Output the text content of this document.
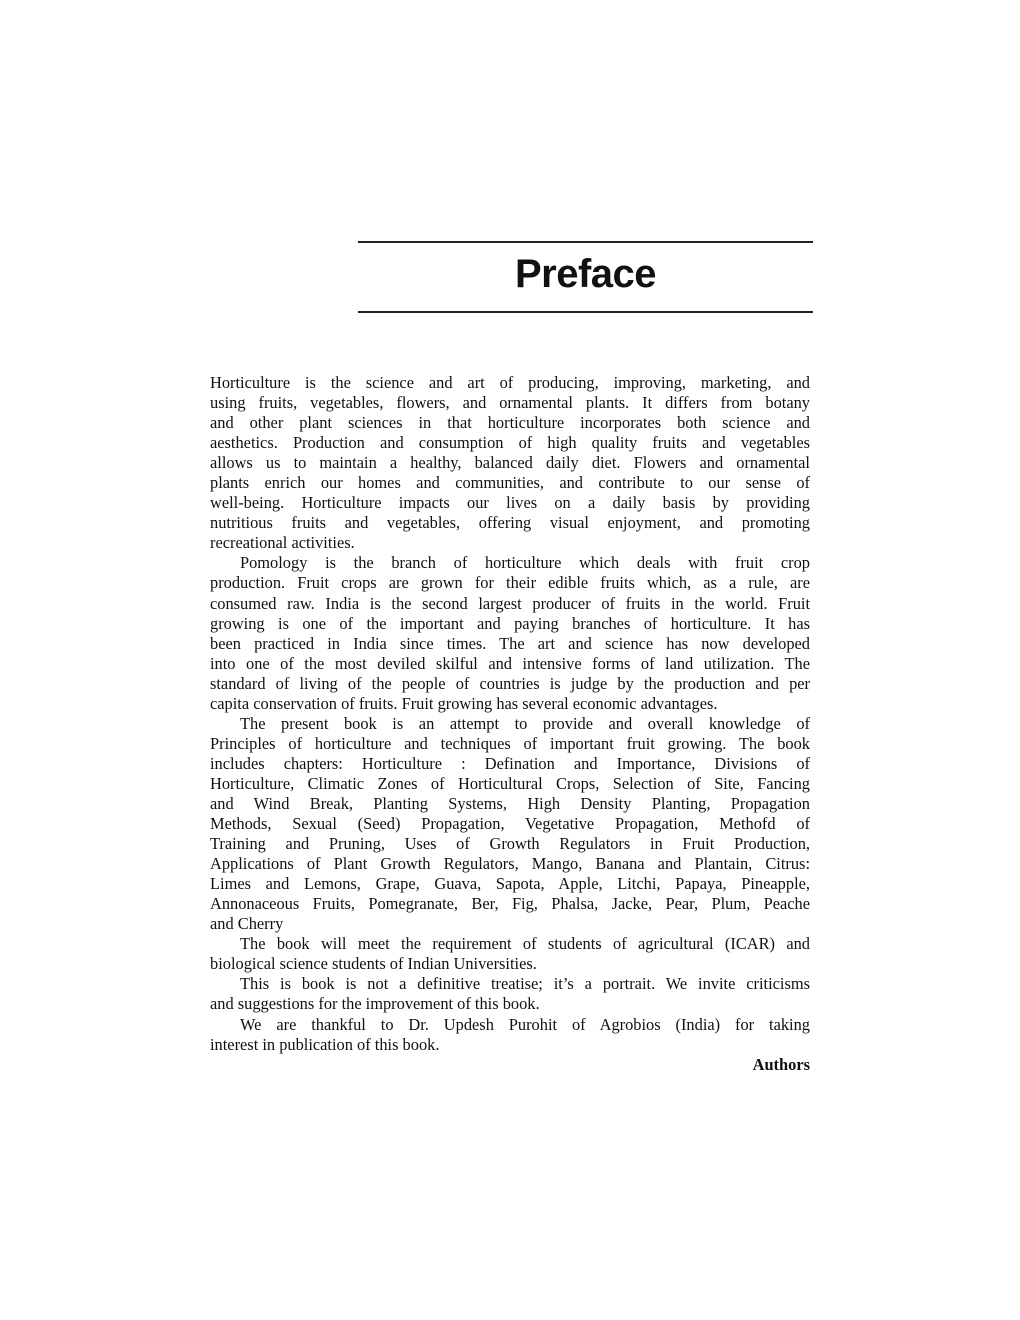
Preface
Horticulture is the science and art of producing, improving, marketing, and
using fruits, vegetables, flowers, and ornamental plants. It differs from botany
and other plant sciences in that horticulture incorporates both science and
aesthetics. Production and consumption of high quality fruits and vegetables
allows us to maintain a healthy, balanced daily diet. Flowers and ornamental
plants enrich our homes and communities, and contribute to our sense of
well-being. Horticulture impacts our lives on a daily basis by providing
nutritious fruits and vegetables, offering visual enjoyment, and promoting
recreational activities.
Pomology is the branch of horticulture which deals with fruit crop
production. Fruit crops are grown for their edible fruits which, as a rule, are
consumed raw. India is the second largest producer of fruits in the world. Fruit
growing is one of the important and paying branches of horticulture. It has
been practiced in India since times. The art and science has now developed
into one of the most deviled skilful and intensive forms of land utilization. The
standard of living of the people of countries is judge by the production and per
capita conservation of fruits. Fruit growing has several economic advantages.
The present book is an attempt to provide and overall knowledge of
Principles of horticulture and techniques of important fruit growing. The book
includes chapters: Horticulture : Defination and Importance, Divisions of
Horticulture, Climatic Zones of Horticultural Crops, Selection of Site, Fancing
and Wind Break, Planting Systems, High Density Planting, Propagation
Methods, Sexual (Seed) Propagation, Vegetative Propagation, Methofd of
Training and Pruning, Uses of Growth Regulators in Fruit Production,
Applications of Plant Growth Regulators, Mango, Banana and Plantain, Citrus:
Limes and Lemons, Grape, Guava, Sapota, Apple, Litchi, Papaya, Pineapple,
Annonaceous Fruits, Pomegranate, Ber, Fig, Phalsa, Jacke, Pear, Plum, Peache
and Cherry
The book will meet the requirement of students of agricultural (ICAR) and
biological science students of Indian Universities.
This is book is not a definitive treatise; it’s a portrait. We invite criticisms
and suggestions for the improvement of this book.
We are thankful to Dr. Updesh Purohit of Agrobios (India) for taking
interest in publication of this book.
Authors
